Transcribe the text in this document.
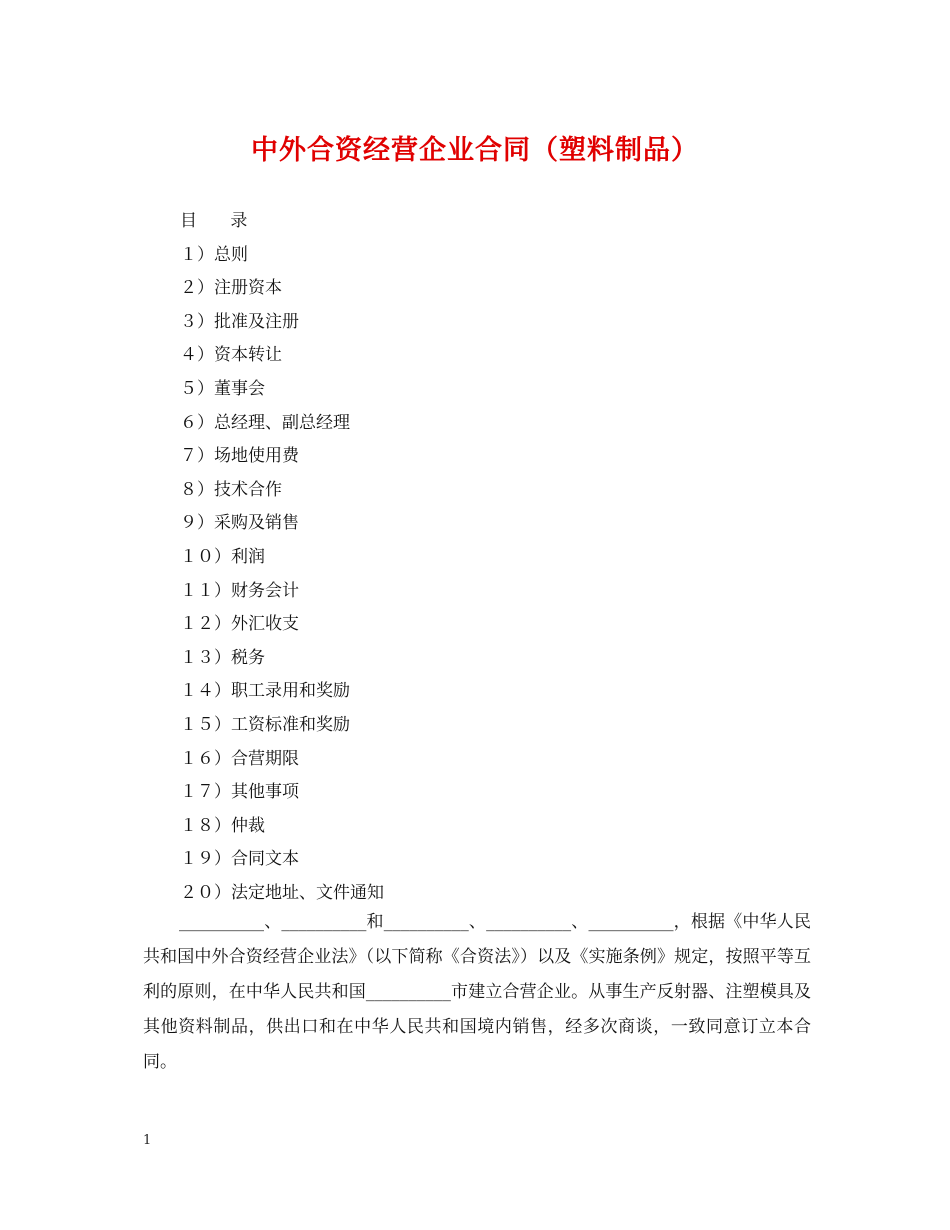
中外合资经营企业合同（塑料制品）
目 录
１）总则
２）注册资本
３）批准及注册
４）资本转让
５）董事会
６）总经理、副总经理
７）场地使用费
８）技术合作
９）采购及销售
１０）利润
１１）财务会计
１２）外汇收支
１３）税务
１４）职工录用和奖励
１５）工资标准和奖励
１６）合营期限
１７）其他事项
１８）仲裁
１９）合同文本
２０）法定地址、文件通知

__________、__________和__________、__________、__________，根据《中华人民共和国中外合资经营企业法》（以下简称《合资法》）以及《实施条例》规定，按照平等互利的原则，在中华人民共和国__________市建立合营企业。从事生产反射器、注塑模具及其他资料制品，供出口和在中华人民共和国境内销售，经多次商谈，一致同意订立本合同。

1
